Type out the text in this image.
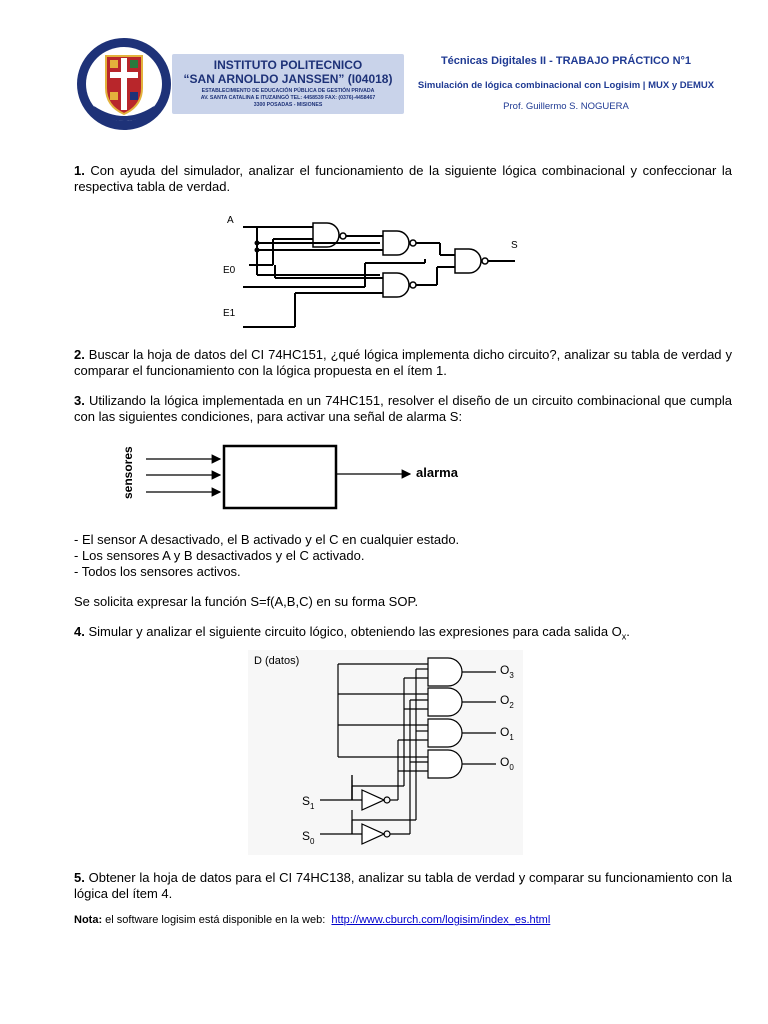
INSTITUTO POLITECNICO
“SAN ARNOLDO JANSSEN” (I04018)
ESTABLECIMIENTO DE EDUCACIÓN PÚBLICA DE GESTIÓN PRIVADA
AV. SANTA CATALINA E ITUZAINGÓ TEL: 4458539 FAX: (0376)-4458467
3300 POSADAS - MISIONES
Técnicas Digitales II - TRABAJO PRÁCTICO N°1
Simulación de lógica combinacional con Logisim | MUX y DEMUX
Prof. Guillermo S. NOGUERA
1. Con ayuda del simulador, analizar el funcionamiento de la siguiente lógica combinacional y confeccionar la respectiva tabla de verdad.
A
E0
E1
S
2. Buscar la hoja de datos del CI 74HC151, ¿qué lógica implementa dicho circuito?, analizar su tabla de verdad y comparar el funcionamiento con la lógica propuesta en el ítem 1.
3. Utilizando la lógica implementada en un 74HC151, resolver el diseño de un circuito combinacional que cumpla con las siguientes condiciones, para activar una señal de alarma S:
sensores	alarma
- El sensor A desactivado, el B activado y el C en cualquier estado.
- Los sensores A y B desactivados y el C activado.
- Todos los sensores activos.
Se solicita expresar la función S=f(A,B,C) en su forma SOP.
4. Simular y analizar el siguiente circuito lógico, obteniendo las expresiones para cada salida $O_x$.
D (datos)
$O_3$
$O_2$
$O_1$
$O_0$
$S_1$
$S_0$
5. Obtener la hoja de datos para el CI 74HC138, analizar su tabla de verdad y comparar su funcionamiento con la lógica del ítem 4.
Nota: el software logisim está disponible en la web: http://www.cburch.com/logisim/index_es.html
